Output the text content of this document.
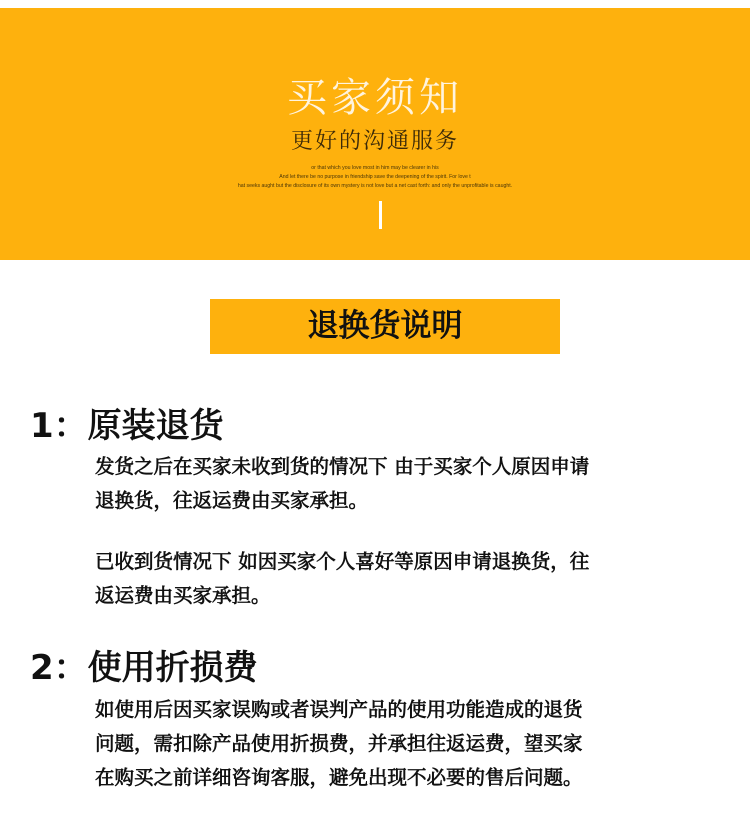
买家须知
更好的沟通服务
or that which you love most in him may be clearer in his
And let there be no purpose in friendship save the deepening of the spirit. For love t
hat seeks aught but the disclosure of its own mystery is not love but a net cast forth: and only the unprofitable is caught.
退换货说明
1：原装退货
发货之后在买家未收到货的情况下 由于买家个人原因申请
退换货，往返运费由买家承担。
已收到货情况下 如因买家个人喜好等原因申请退换货，往
返运费由买家承担。
2：使用折损费
如使用后因买家误购或者误判产品的使用功能造成的退货
问题，需扣除产品使用折损费，并承担往返运费，望买家
在购买之前详细咨询客服，避免出现不必要的售后问题。
